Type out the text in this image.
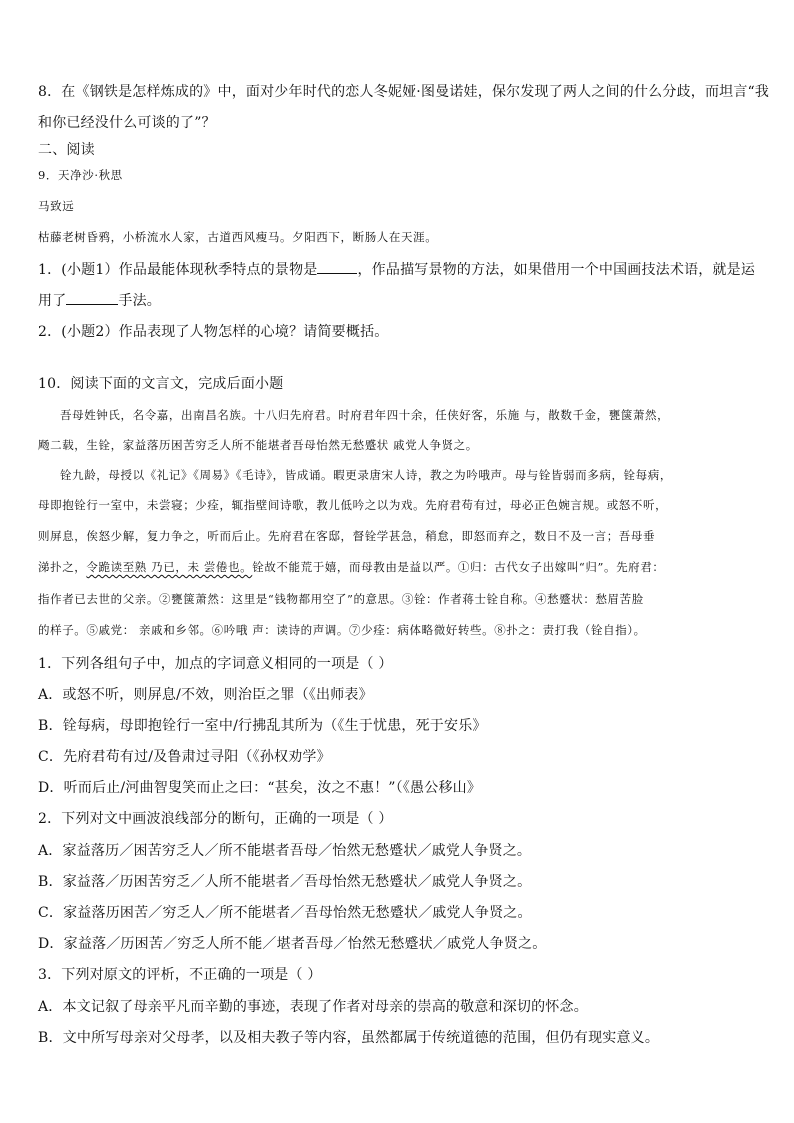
8．在《钢铁是怎样炼成的》中，面对少年时代的恋人冬妮娅·图曼诺娃，保尔发现了两人之间的什么分歧，而坦言“我
和你已经没什么可谈的了”？
二、阅读
9．天净沙·秋思
马致远
枯藤老树昏鸦，小桥流水人家，古道西风瘦马。夕阳西下，断肠人在天涯。
1．(小题1）作品最能体现秋季特点的景物是	，作品描写景物的方法，如果借用一个中国画技法术语，就是运
用了	手法。
2．(小题2）作品表现了人物怎样的心境？请简要概括。
10．阅读下面的文言文，完成后面小题
吾母姓钟氏，名令嘉，出南昌名族。十八归先府君。时府君年四十余，任侠好客，乐施 与，散数千金，甕箧萧然，
飏二载，生铨，家益落历困苦穷乏人所不能堪者吾母怡然无愁蹙状 戚党人争贤之。
铨九龄，母授以《礼记》《周易》《毛诗》，皆成诵。暇更录唐宋人诗，教之为吟哦声。母与铨皆弱而多病，铨每病，
母即抱铨行一室中，未尝寝；少痊，辄指壁间诗歌，教儿低吟之以为戏。先府君苟有过，母必正色婉言规。或怒不听，
则屏息，俟怒少解，复力争之，听而后止。先府君在客邸，督铨学甚急，稍怠，即怒而弃之，数日不及一言；吾母垂
涕扑之，令跪读至熟 乃已，未 尝倦也。铨故不能荒于嬉，而母教由是益以严。①归：古代女子出嫁叫“归”。先府君：
指作者已去世的父亲。②甕箧萧然：这里是“钱物都用空了”的意思。③铨：作者蒋士铨自称。④愁蹙状：愁眉苦脸
的样子。⑤戚党： 亲戚和乡邻。⑥吟哦 声：读诗的声调。⑦少痊：病体略微好转些。⑧扑之：责打我（铨自指）。
1．下列各组句子中，加点的字词意义相同的一项是（ ）
A．或怒不听，则屏息/不效，则治臣之罪（《出师表》
B．铨每病，母即抱铨行一室中/行拂乱其所为（《生于忧患，死于安乐》
C．先府君苟有过/及鲁肃过寻阳（《孙权劝学》
D．听而后止/河曲智叟笑而止之曰：“甚矣，汝之不惠！”（《愚公移山》
2．下列对文中画波浪线部分的断句，正确的一项是（ ）
A．家益落历／困苦穷乏人／所不能堪者吾母／怡然无愁蹙状／戚党人争贤之。
B．家益落／历困苦穷乏／人所不能堪者／吾母怡然无愁蹙状／戚党人争贤之。
C．家益落历困苦／穷乏人／所不能堪者／吾母怡然无愁蹙状／戚党人争贤之。
D．家益落／历困苦／穷乏人所不能／堪者吾母／怡然无愁蹙状／戚党人争贤之。
3．下列对原文的评析，不正确的一项是（ ）
A．本文记叙了母亲平凡而辛勤的事迹，表现了作者对母亲的崇高的敬意和深切的怀念。
B．文中所写母亲对父母孝，以及相夫教子等内容，虽然都属于传统道德的范围，但仍有现实意义。
